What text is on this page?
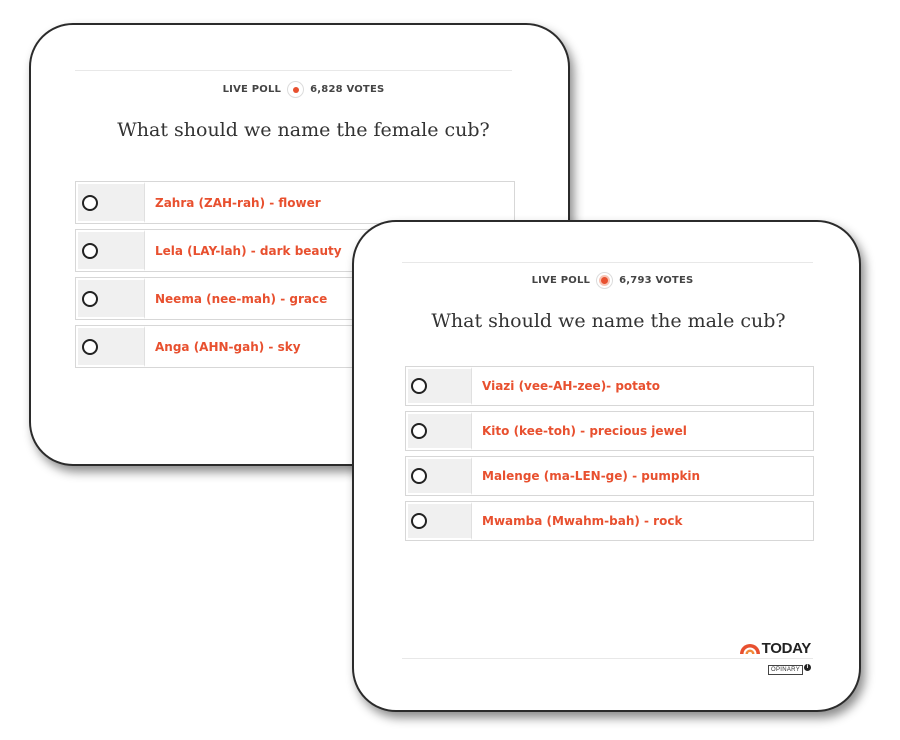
LIVE POLL	6,828 VOTES
What should we name the female cub?
Zahra (ZAH-rah) - flower
Lela (LAY-lah) - dark beauty
Neema (nee-mah) - grace
Anga (AHN-gah) - sky
LIVE POLL	6,793 VOTES
What should we name the male cub?
Viazi (vee-AH-zee)- potato
Kito (kee-toh) - precious jewel
Malenge (ma-LEN-ge) - pumpkin
Mwamba (Mwahm-bah) - rock
TODAY
OPINARY
i
